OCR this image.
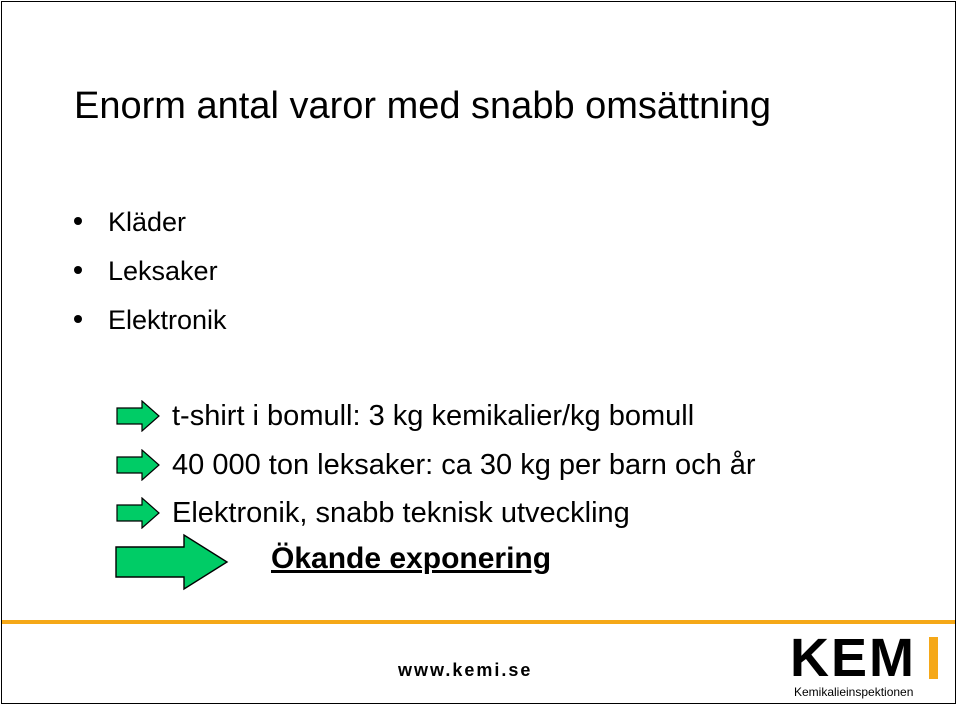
Enorm antal varor med snabb omsättning
Kläder
Leksaker
Elektronik
t-shirt i bomull: 3 kg kemikalier/kg bomull
40 000 ton leksaker: ca 30 kg per barn och år
Elektronik, snabb teknisk utveckling
Ökande exponering
www.kemi.se	KEM
Kemikalieinspektionen
